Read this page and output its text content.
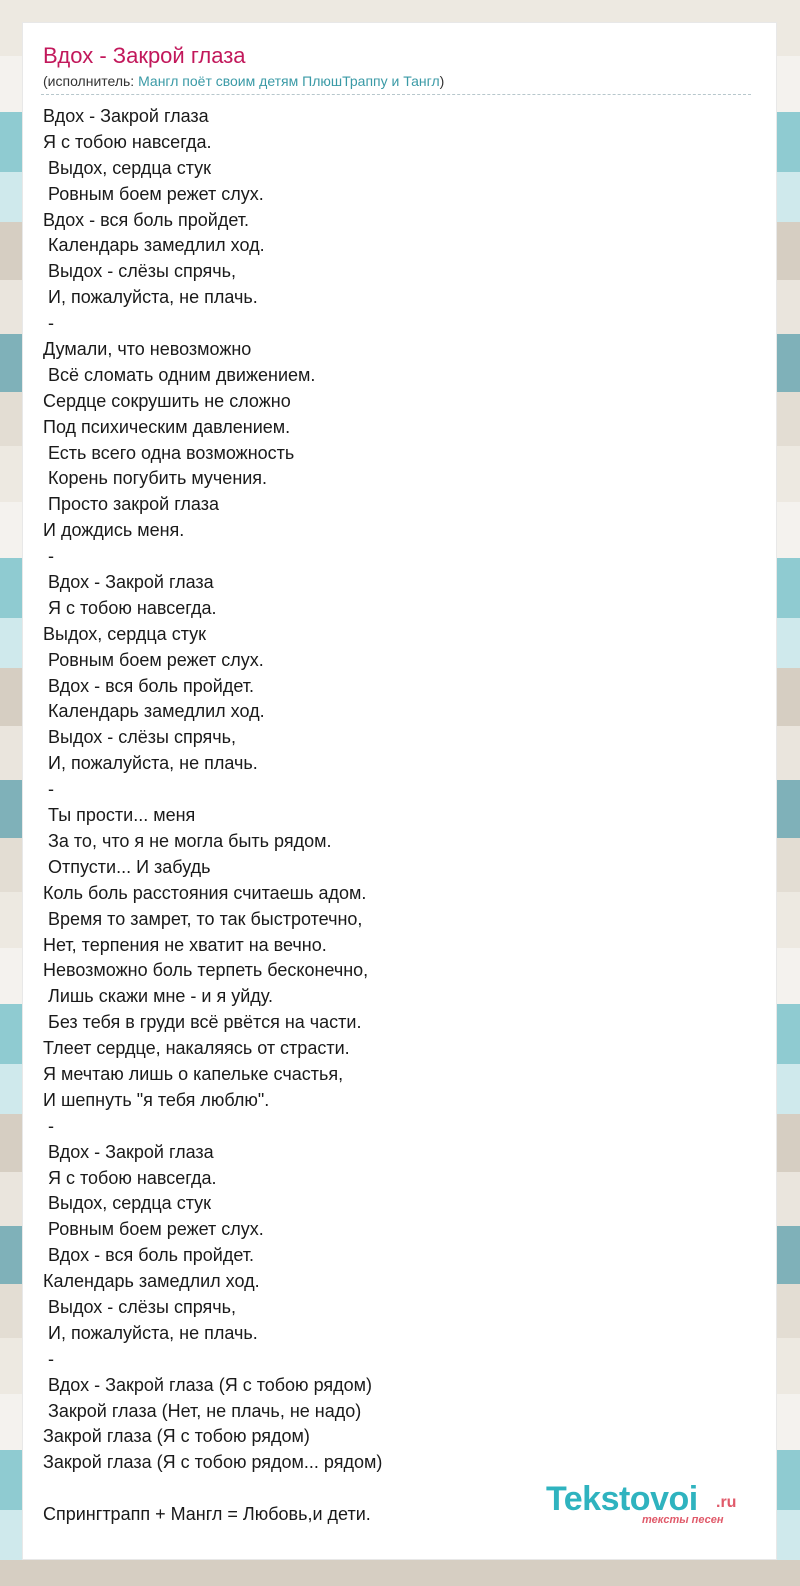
Вдох - Закрой глаза
(исполнитель: Мангл поёт своим детям ПлюшТраппу и Тангл)
Вдох - Закрой глаза
Я с тобою навсегда.
Выдох, сердца стук
Ровным боем режет слух.
Вдох - вся боль пройдет.
Календарь замедлил ход.
Выдох - слёзы спрячь,
И, пожалуйста, не плачь.
-
Думали, что невозможно
Всё сломать одним движением.
Сердце сокрушить не сложно
Под психическим давлением.
Есть всего одна возможность
Корень погубить мучения.
Просто закрой глаза
И дождись меня.
-
Вдох - Закрой глаза
Я с тобою навсегда.
Выдох, сердца стук
Ровным боем режет слух.
Вдох - вся боль пройдет.
Календарь замедлил ход.
Выдох - слёзы спрячь,
И, пожалуйста, не плачь.
-
Ты прости... меня
За то, что я не могла быть рядом.
Отпусти... И забудь
Коль боль расстояния считаешь адом.
Время то замрет, то так быстротечно,
Нет, терпения не хватит на вечно.
Невозможно боль терпеть бесконечно,
Лишь скажи мне - и я уйду.
Без тебя в груди всё рвётся на части.
Тлеет сердце, накаляясь от страсти.
Я мечтаю лишь о капельке счастья,
И шепнуть "я тебя люблю".
-
Вдох - Закрой глаза
Я с тобою навсегда.
Выдох, сердца стук
Ровным боем режет слух.
Вдох - вся боль пройдет.
Календарь замедлил ход.
Выдох - слёзы спрячь,
И, пожалуйста, не плачь.
-
Вдох - Закрой глаза (Я с тобою рядом)
Закрой глаза (Нет, не плачь, не надо)
Закрой глаза (Я с тобою рядом)
Закрой глаза (Я с тобою рядом... рядом)
Спрингтрапп + Мангл = Любовь,и дети.	Tekstovoi .ru
тексты песен
